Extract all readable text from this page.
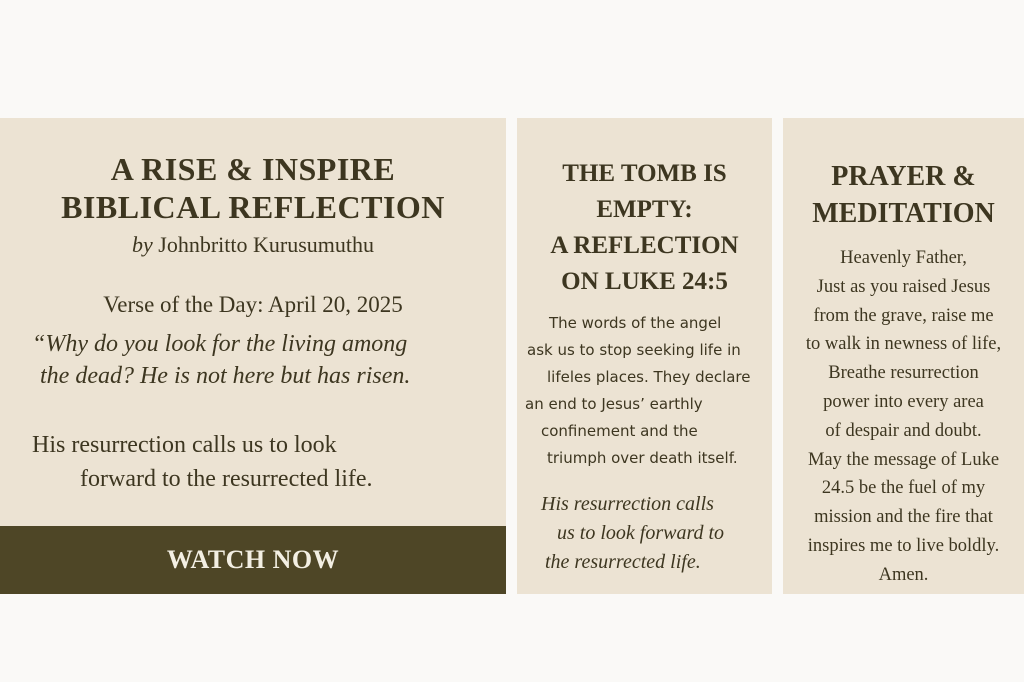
A RISE & INSPIRE
BIBLICAL REFLECTION
by Johnbritto Kurusumuthu
Verse of the Day: April 20, 2025
“Why do you look for the living among
the dead? He is not here but has risen.
His resurrection calls us to look
forward to the resurrected life.
WATCH NOW
THE TOMB IS
EMPTY:
A REFLECTION
ON LUKE 24:5
The words of the angel
ask us to stop seeking life in
lifeles places. They declare
an end to Jesus’ earthly
confinement and the
triumph over death itself.
His resurrection calls
us to look forward to
the resurrected life.
PRAYER &
MEDITATION
Heavenly Father,
Just as you raised Jesus
from the grave, raise me
to walk in newness of life,
Breathe resurrection
power into every area
of despair and doubt.
May the message of Luke
24.5 be the fuel of my
mission and the fire that
inspires me to live boldly.
Amen.
